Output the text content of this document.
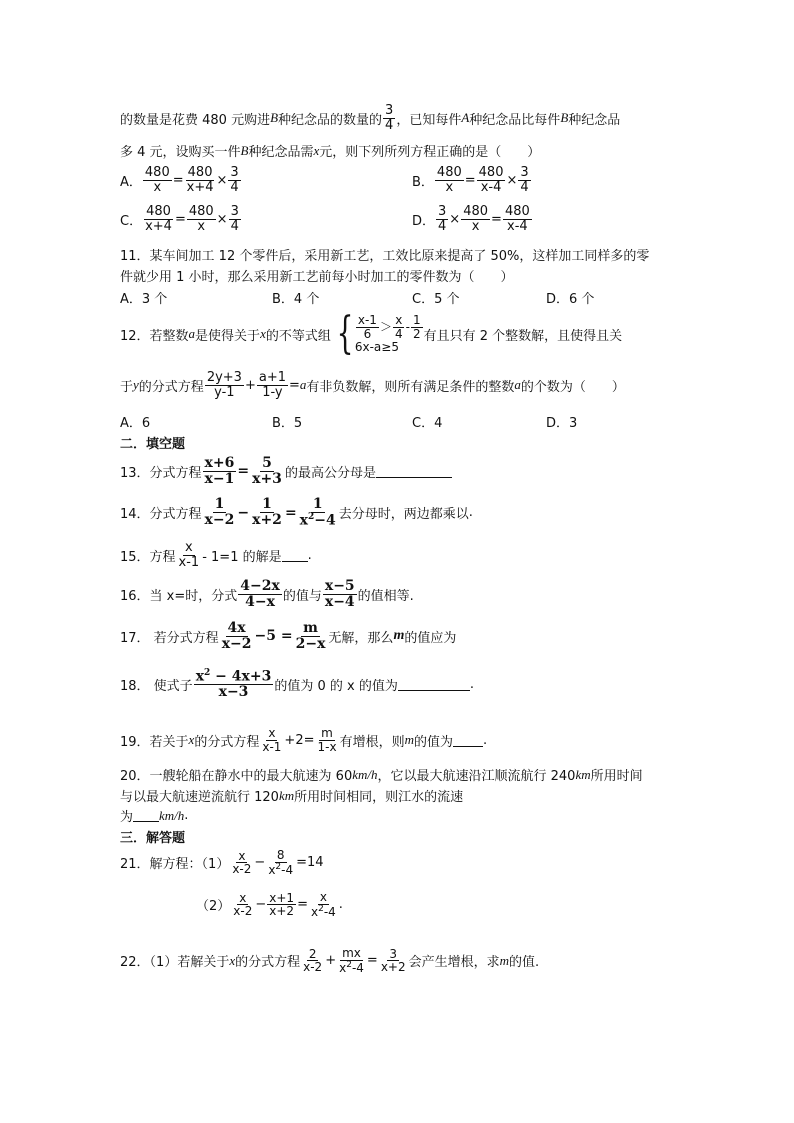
的数量是花费 480 元购进 B 种纪念品的数量的 $\frac{3}{4}$ ，已知每件 A 种纪念品比每件 B 种纪念品
多 4 元，设购买一件 B 种纪念品需 x 元，则下列所列方程正确的是（　　）
A． $\frac{480}{x} = \frac{480}{x+4} \times \frac{3}{4}$	B． $\frac{480}{x} = \frac{480}{x-4} \times \frac{3}{4}$
C． $\frac{480}{x+4} = \frac{480}{x} \times \frac{3}{4}$	D． $\frac{3}{4} \times \frac{480}{x} = \frac{480}{x-4}$
11．某车间加工 12 个零件后，采用新工艺，工效比原来提高了 50%，这样加工同样多的零
件就少用 1 小时，那么采用新工艺前每小时加工的零件数为（　　）
A．3 个	B．4 个	C．5 个	D．6 个
12．若整数 a 是使得关于 x 的不等式组 { $\frac{x-1}{6} > \frac{x}{4} - \frac{1}{2}$
6x-a≥5
有且只有 2 个整数解，且使得且关
于 y 的分式方程 $\frac{2y+3}{y-1} + \frac{a+1}{1-y} = a$ 有非负数解，则所有满足条件的整数 a 的个数为（　　）
A．6	B．5	C．4	D．3
二．填空题
13．分式方程 $\frac{x+6}{x-1} = \frac{5}{x+3}$ 的最高公分母是
14．分式方程 $\frac{1}{x-2} - \frac{1}{x+2} = \frac{1}{x^2-4}$ 去分母时，两边都乘以 .
15．方程 $\frac{x}{x-1} - 1=1$ 的解是 .
16．当 x=时，分式 $\frac{4-2x}{4-x}$ 的值与 $\frac{x-5}{x-4}$ 的值相等.
17． 若分式方程 $\frac{4x}{x-2} -5 = \frac{m}{2-x}$ 无解，那么 m 的值应为
18． 使式子 $\frac{x^2 - 4x+3}{x-3}$ 的值为 0 的 x 的值为	.
19．若关于 x 的分式方程 $\frac{x}{x-1} +2= \frac{m}{1-x}$ 有增根，则 m 的值为 .
20．一艘轮船在静水中的最大航速为 60 km/h ，它以最大航速沿江顺流航行 240 km 所用时间
与以最大航速逆流航行 120 km 所用时间相同，则江水的流速
为 km/h .
三．解答题
21．解方程：$(1) \frac{x}{x-2} - \frac{8}{x^2-4} =14$
$(2) \frac{x}{x-2} - \frac{x+1}{x+2} = \frac{x}{x^2-4}$ .
22．（1）若解关于 x 的分式方程 $\frac{2}{x-2} + \frac{mx}{x^2-4} = \frac{3}{x+2}$ 会产生增根，求 m 的值.
